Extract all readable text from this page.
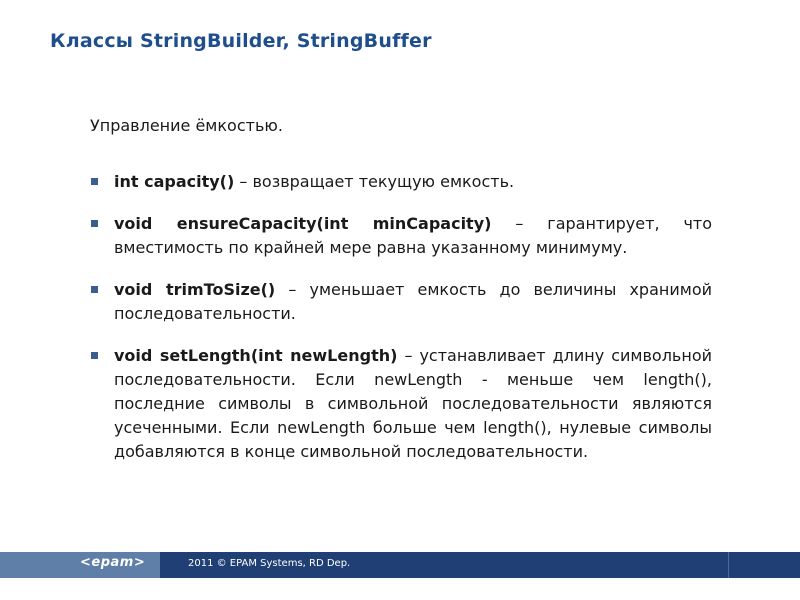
Классы StringBuilder, StringBuffer
Управление ёмкостью.
int capacity() – возвращает текущую емкость.
void ensureCapacity(int minCapacity) – гарантирует, что вместимость по крайней мере равна указанному минимуму.
void trimToSize() – уменьшает емкость до величины хранимой последовательности.
void setLength(int newLength) – устанавливает длину символьной последовательности. Если newLength - меньше чем length(), последние символы в символьной последовательности являются усеченными. Если newLength больше чем length(), нулевые символы добавляются в конце символьной последовательности.
<epam>	2011 © EPAM Systems, RD Dep.	40
